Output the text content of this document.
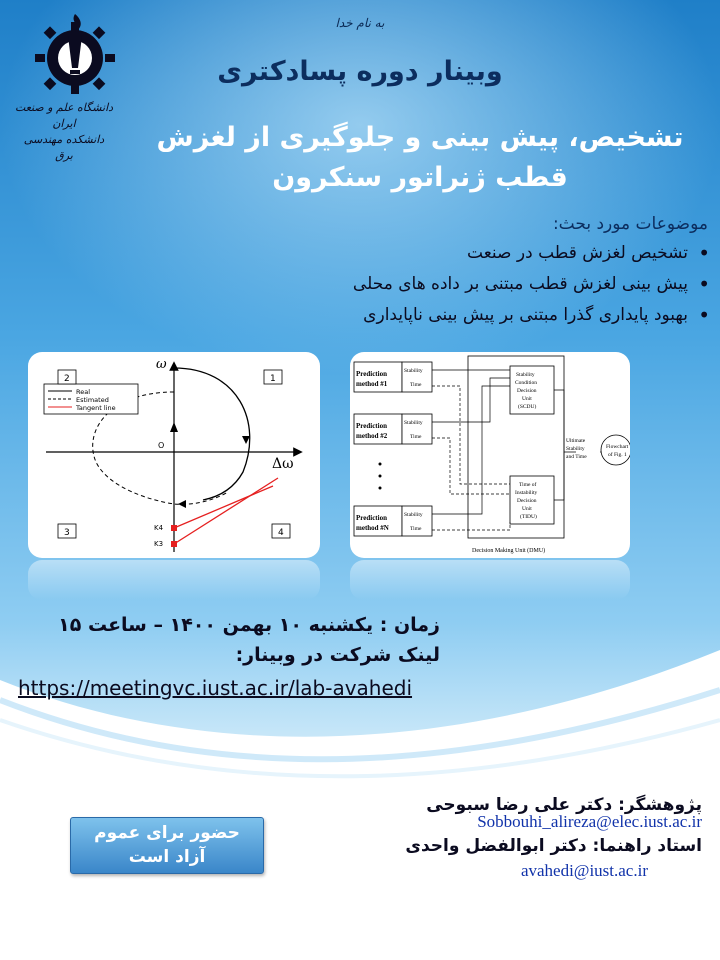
دانشگاه علم و صنعت ایران
دانشکده مهندسی برق
به نام خدا
وبینار دوره پسادکتری
تشخیص، پیش بینی و جلوگیری از لغزش
قطب ژنراتور سنکرون
موضوعات مورد بحث:
• تشخیص لغزش قطب در صنعت
• پیش بینی لغزش قطب مبتنی بر داده های محلی
• بهبود پایداری گذرا مبتنی بر پیش بینی ناپایداری
ω
Δω
O
K4
K3
Real
Estimated
Tangent line
1
2
3	4
Prediction
method #1
Stability
Time
Prediction
method #2
Stability
Time
Prediction
method #N
Stability
Time
Stability
Condition
Decision
Unit
(SCDU)
Time of
Instability
Decision
Unit
(TIDU)
Ultimate
Stability
and Time
Flowchart
of Fig. 1
Decision Making Unit (DMU)
زمان : یکشنبه ۱۰ بهمن ۱۴۰۰ – ساعت ۱۵
لینک شرکت در وبینار:
https://meetingvc.iust.ac.ir/lab-avahedi
حضور برای عموم
آزاد است
پژوهشگر: دکتر علی رضا سبوحی
Sobbouhi_alireza@elec.iust.ac.ir
استاد راهنما: دکتر ابوالفضل واحدی
avahedi@iust.ac.ir
